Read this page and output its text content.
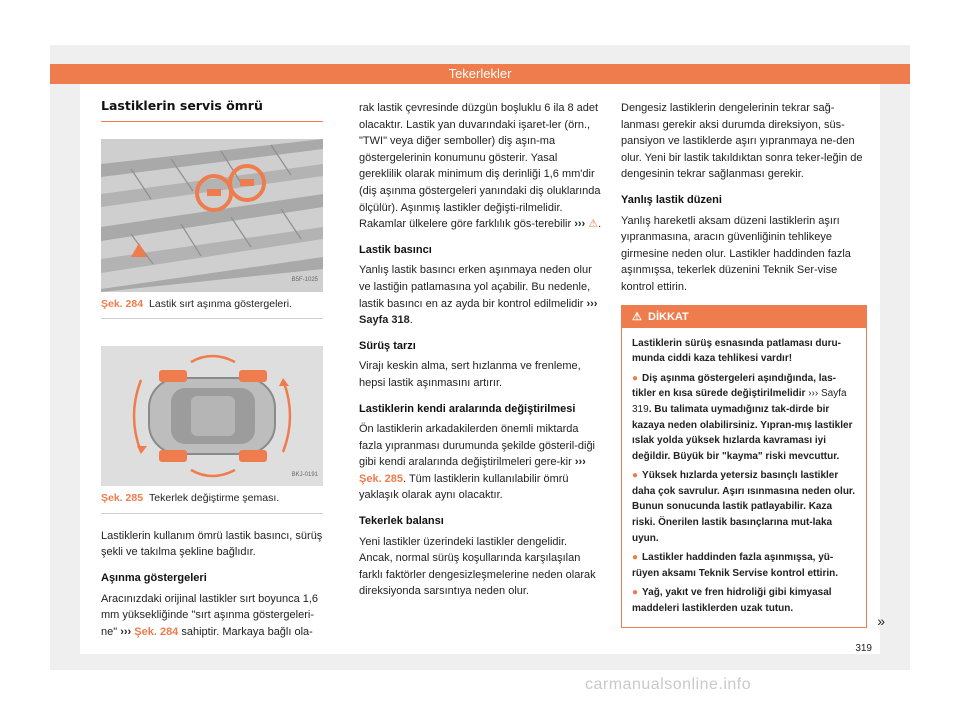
Tekerlekler
Lastiklerin servis ömrü
B5F-1025
Şek. 284 Lastik sırt aşınma göstergeleri.
BKJ-0191
Şek. 285 Tekerlek değiştirme şeması.

Lastiklerin kullanım ömrü lastik basıncı, sürüş şekli ve takılma şekline bağlıdır.

Aşınma göstergeleri

Aracınızdaki orijinal lastikler sırt boyunca 1,6 mm yüksekliğinde "sırt aşınma göstergeleri-ne" ››› Şek. 284 sahiptir. Markaya bağlı ola-

rak lastik çevresinde düzgün boşluklu 6 ila 8 adet olacaktır. Lastik yan duvarındaki işaret-ler (örn., "TWI" veya diğer semboller) diş aşın-ma göstergelerinin konumunu gösterir. Yasal gereklilik olarak minimum diş derinliği 1,6 mm'dir (diş aşınma göstergeleri yanındaki diş oluklarında ölçülür). Aşınmış lastikler değişti-rilmelidir. Rakamlar ülkelere göre farklılık gös-terebilir ››› ⚠.

Lastik basıncı

Yanlış lastik basıncı erken aşınmaya neden olur ve lastiğin patlamasına yol açabilir. Bu nedenle, lastik basıncı en az ayda bir kontrol edilmelidir ››› Sayfa 318.

Sürüş tarzı

Virajı keskin alma, sert hızlanma ve frenleme, hepsi lastik aşınmasını artırır.

Lastiklerin kendi aralarında değiştirilmesi

Ön lastiklerin arkadakilerden önemli miktarda fazla yıpranması durumunda şekilde gösteril-diği gibi kendi aralarında değiştirilmeleri gere-kir ››› Şek. 285. Tüm lastiklerin kullanılabilir ömrü yaklaşık olarak aynı olacaktır.

Tekerlek balansı

Yeni lastikler üzerindeki lastikler dengelidir. Ancak, normal sürüş koşullarında karşılaşılan farklı faktörler dengesizleşmelerine neden olarak direksiyonda sarsıntıya neden olur.

Dengesiz lastiklerin dengelerinin tekrar sağ-lanması gerekir aksi durumda direksiyon, süs-pansiyon ve lastiklerde aşırı yıpranmaya ne-den olur. Yeni bir lastik takıldıktan sonra teker-leğin de dengesinin tekrar sağlanması gerekir.

Yanlış lastik düzeni

Yanlış hareketli aksam düzeni lastiklerin aşırı yıpranmasına, aracın güvenliğinin tehlikeye girmesine neden olur. Lastikler haddinden fazla aşınmışsa, tekerlek düzenini Teknik Ser-vise kontrol ettirin.

⚠ DİKKAT

Lastiklerin sürüş esnasında patlaması duru-munda ciddi kaza tehlikesi vardır!

● Diş aşınma göstergeleri aşındığında, las-tikler en kısa sürede değiştirilmelidir ››› Sayfa 319. Bu talimata uymadığınız tak-dirde bir kazaya neden olabilirsiniz. Yıpran-mış lastikler ıslak yolda yüksek hızlarda kavraması iyi değildir. Büyük bir "kayma" riski mevcuttur.

● Yüksek hızlarda yetersiz basınçlı lastikler daha çok savrulur. Aşırı ısınmasına neden olur. Bunun sonucunda lastik patlayabilir. Kaza riski. Önerilen lastik basınçlarına mut-laka uyun.

● Lastikler haddinden fazla aşınmışsa, yü-rüyen aksamı Teknik Servise kontrol ettirin.

● Yağ, yakıt ve fren hidroliği gibi kimyasal maddeleri lastiklerden uzak tutun.

»
319
carmanualsonline.info
